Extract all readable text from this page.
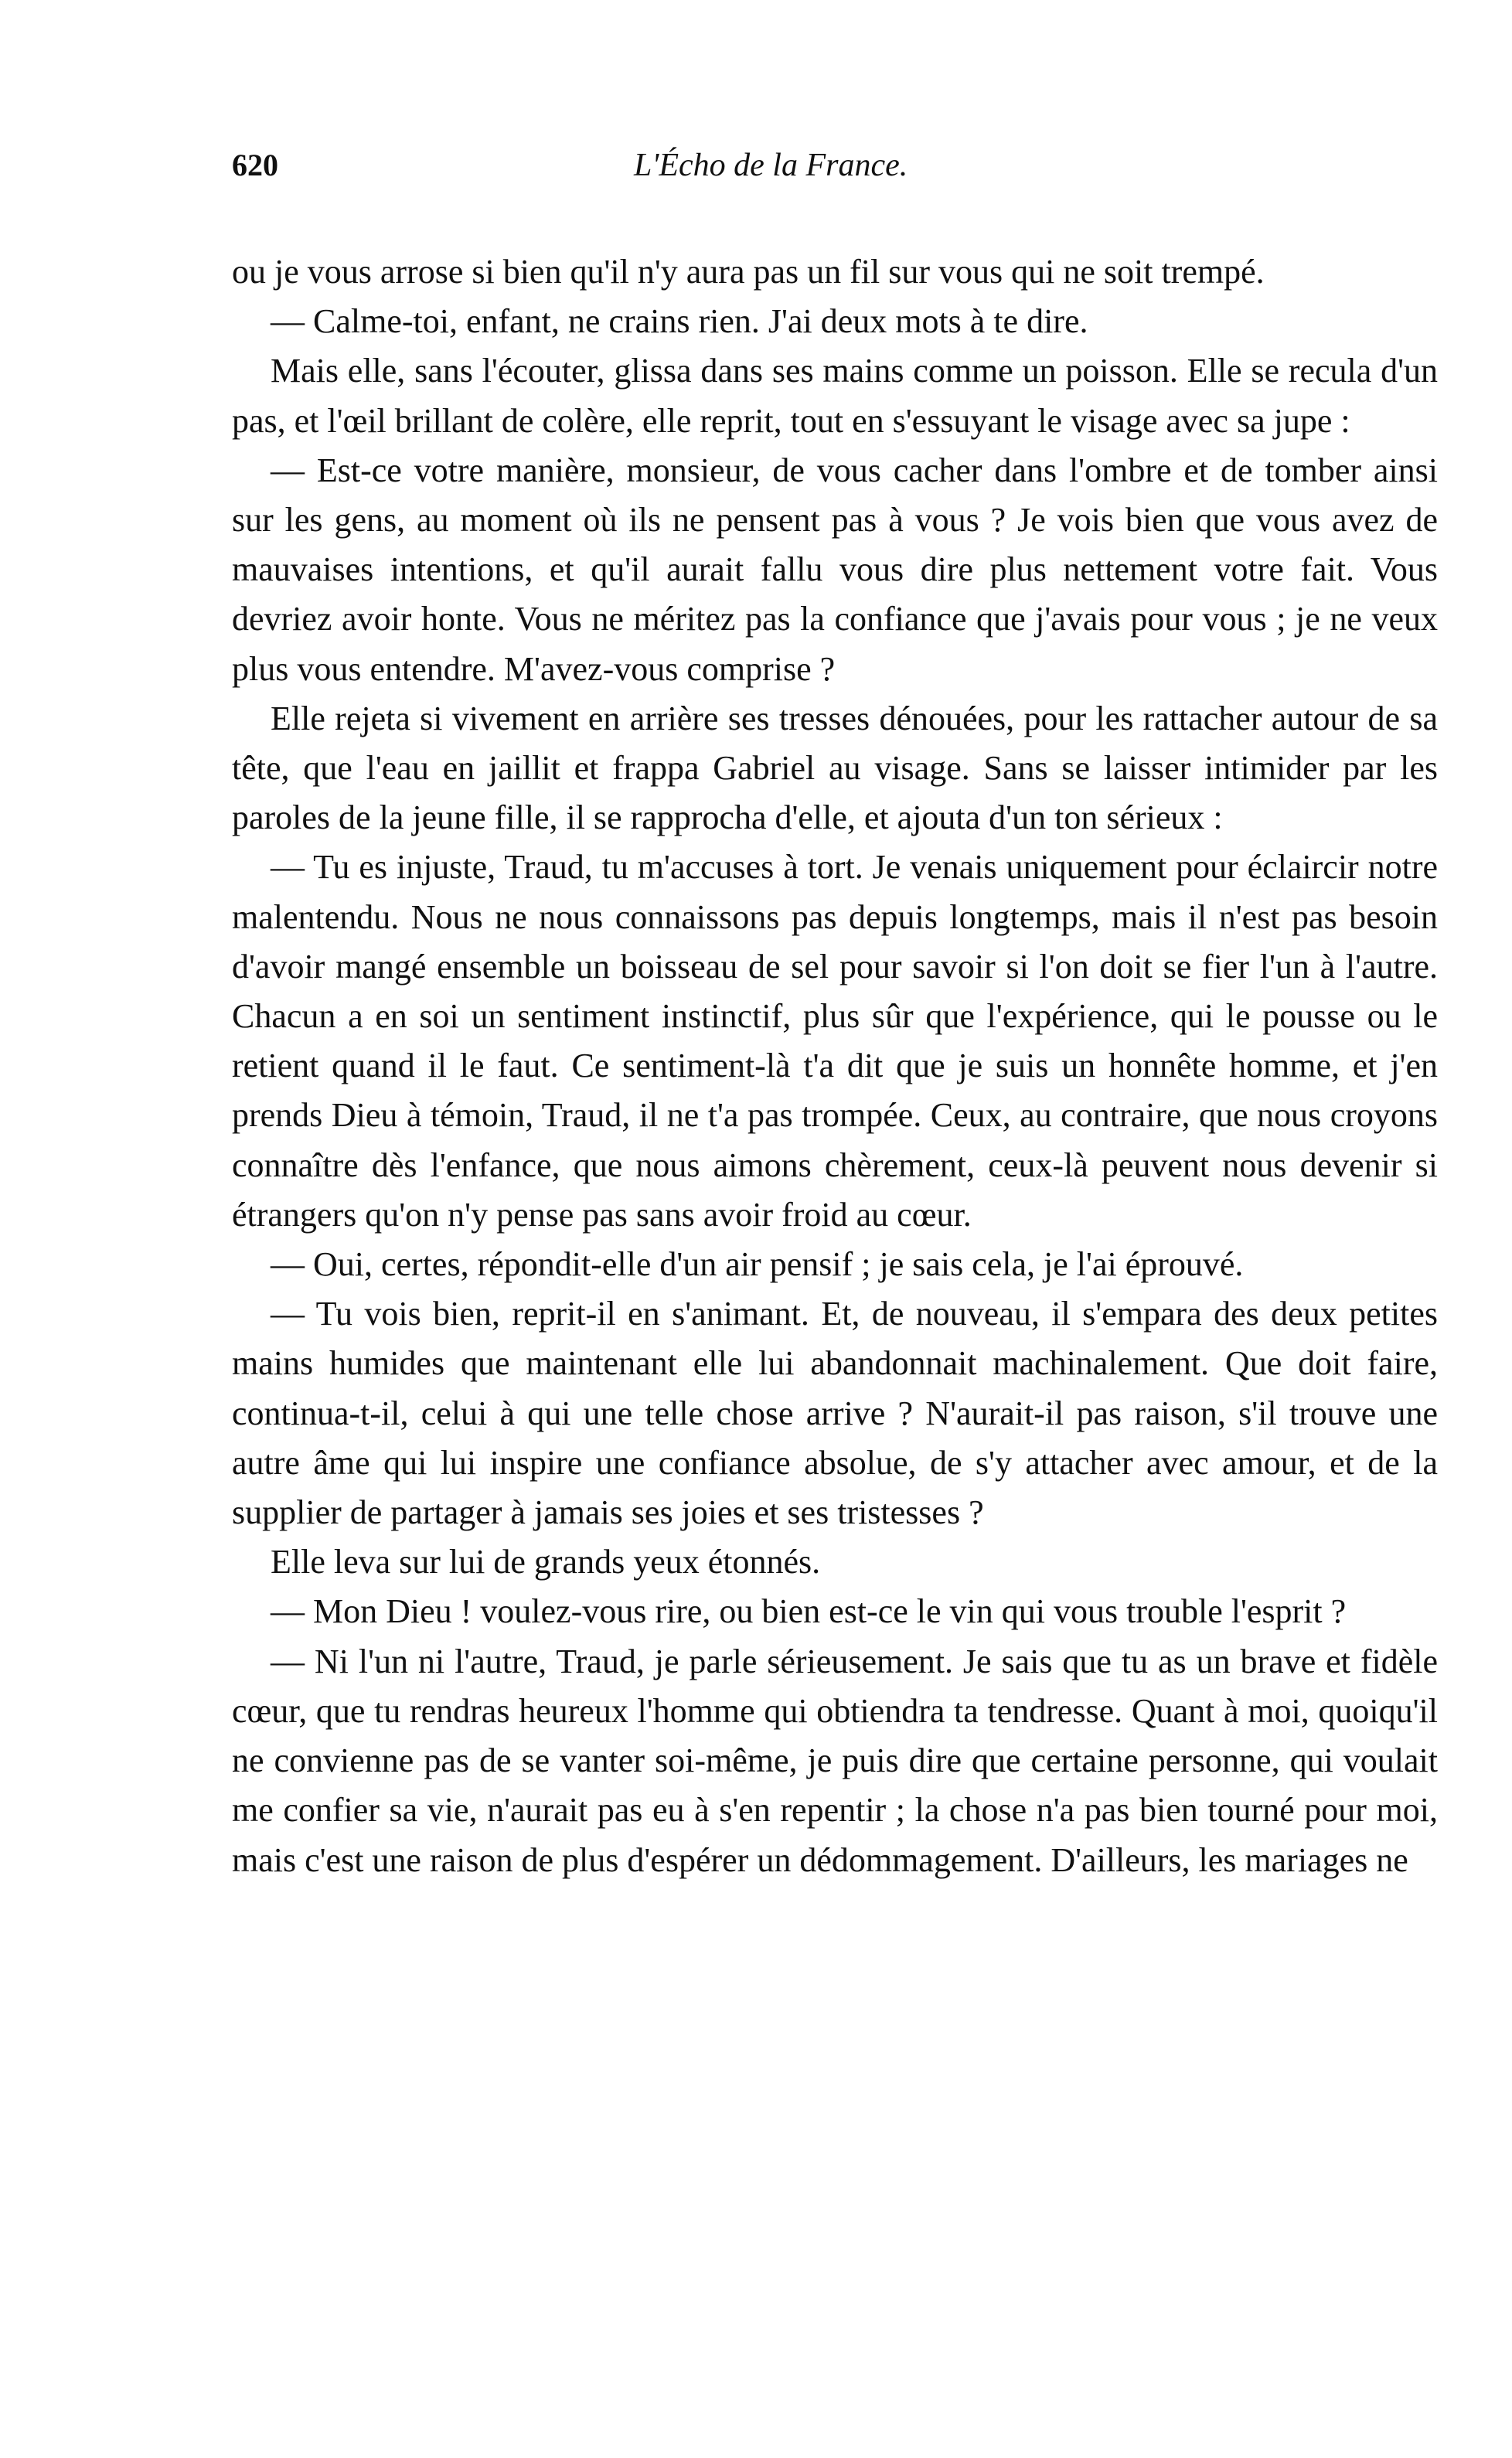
620	L'Écho de la France.

ou je vous arrose si bien qu'il n'y aura pas un fil sur vous qui ne soit trempé.

— Calme-toi, enfant, ne crains rien. J'ai deux mots à te dire.

Mais elle, sans l'écouter, glissa dans ses mains comme un poisson. Elle se recula d'un pas, et l'œil brillant de colère, elle reprit, tout en s'essuyant le visage avec sa jupe :

— Est-ce votre manière, monsieur, de vous cacher dans l'ombre et de tomber ainsi sur les gens, au moment où ils ne pensent pas à vous ? Je vois bien que vous avez de mauvaises intentions, et qu'il aurait fallu vous dire plus nettement votre fait. Vous devriez avoir honte. Vous ne méritez pas la confiance que j'avais pour vous ; je ne veux plus vous entendre. M'avez-vous comprise ?

Elle rejeta si vivement en arrière ses tresses dénouées, pour les rattacher autour de sa tête, que l'eau en jaillit et frappa Gabriel au visage. Sans se laisser intimider par les paroles de la jeune fille, il se rapprocha d'elle, et ajouta d'un ton sérieux :

— Tu es injuste, Traud, tu m'accuses à tort. Je venais uniquement pour éclaircir notre malentendu. Nous ne nous connaissons pas depuis longtemps, mais il n'est pas besoin d'avoir mangé ensemble un boisseau de sel pour savoir si l'on doit se fier l'un à l'autre. Chacun a en soi un sentiment instinctif, plus sûr que l'expérience, qui le pousse ou le retient quand il le faut. Ce sentiment-là t'a dit que je suis un honnête homme, et j'en prends Dieu à témoin, Traud, il ne t'a pas trompée. Ceux, au contraire, que nous croyons connaître dès l'enfance, que nous aimons chèrement, ceux-là peuvent nous devenir si étrangers qu'on n'y pense pas sans avoir froid au cœur.

— Oui, certes, répondit-elle d'un air pensif ; je sais cela, je l'ai éprouvé.

— Tu vois bien, reprit-il en s'animant. Et, de nouveau, il s'empara des deux petites mains humides que maintenant elle lui abandonnait machinalement. Que doit faire, continua-t-il, celui à qui une telle chose arrive ? N'aurait-il pas raison, s'il trouve une autre âme qui lui inspire une confiance absolue, de s'y attacher avec amour, et de la supplier de partager à jamais ses joies et ses tristesses ?

Elle leva sur lui de grands yeux étonnés.

— Mon Dieu ! voulez-vous rire, ou bien est-ce le vin qui vous trouble l'esprit ?

— Ni l'un ni l'autre, Traud, je parle sérieusement. Je sais que tu as un brave et fidèle cœur, que tu rendras heureux l'homme qui obtiendra ta tendresse. Quant à moi, quoiqu'il ne convienne pas de se vanter soi-même, je puis dire que certaine personne, qui voulait me confier sa vie, n'aurait pas eu à s'en repentir ; la chose n'a pas bien tourné pour moi, mais c'est une raison de plus d'espérer un dédommagement. D'ailleurs, les mariages ne
